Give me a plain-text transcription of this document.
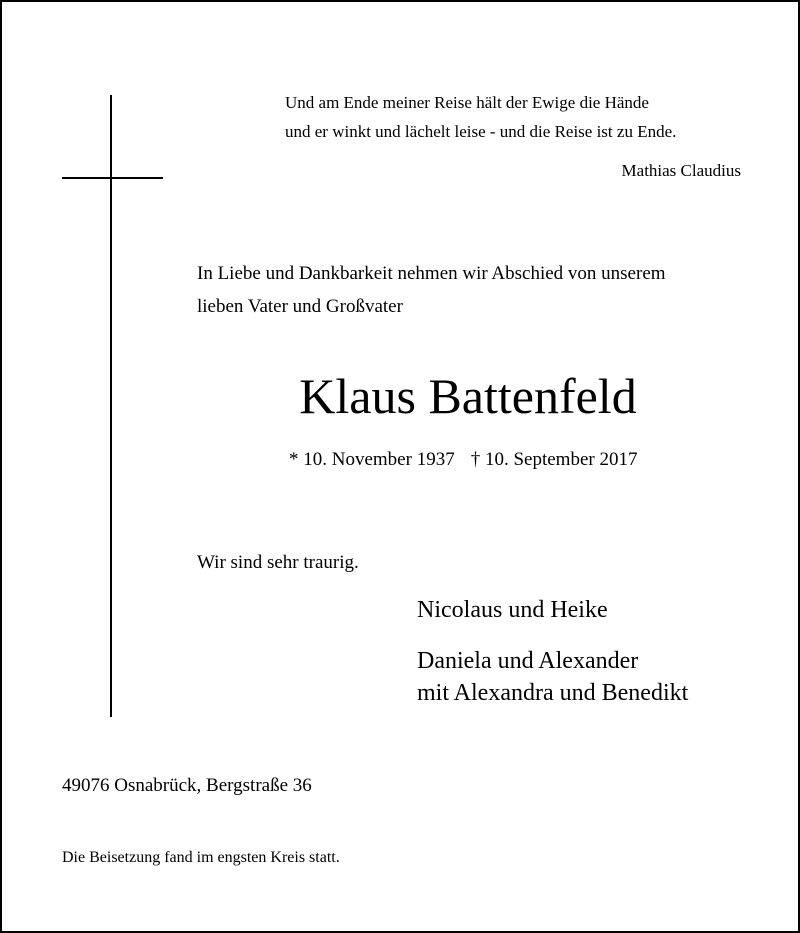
Und am Ende meiner Reise hält der Ewige die Hände
und er winkt und lächelt leise - und die Reise ist zu Ende.
Mathias Claudius
In Liebe und Dankbarkeit nehmen wir Abschied von unserem
lieben Vater und Großvater
Klaus Battenfeld
* 10. November 1937 † 10. September 2017
Wir sind sehr traurig.
Nicolaus und Heike
Daniela und Alexander
mit Alexandra und Benedikt
49076 Osnabrück, Bergstraße 36
Die Beisetzung fand im engsten Kreis statt.
